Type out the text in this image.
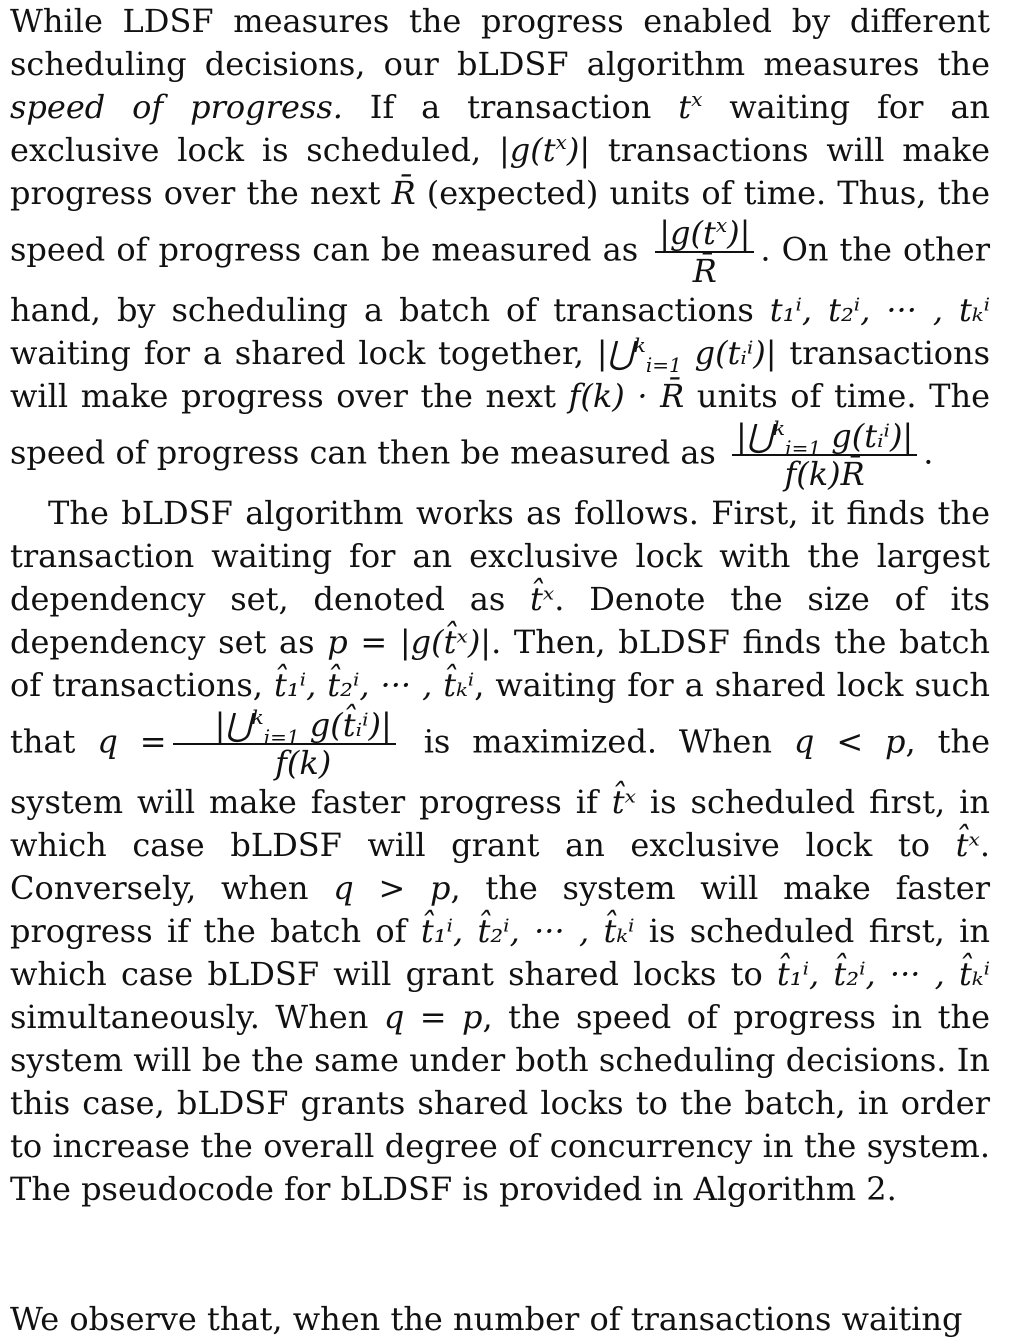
While LDSF measures the progress enabled by different scheduling decisions, our bLDSF algorithm measures the speed of progress. If a transaction $t^x$ waiting for an exclusive lock is scheduled, $|g(t^x)|$ transactions will make progress over the next R̄ (expected) units of time. Thus, the speed of progress can be measured as $\frac{|g(t^x)|}{R̄}$ . On the other hand, by scheduling a batch of transactions t₁ⁱ, t₂ⁱ, ··· , tₖⁱ waiting for a shared lock together, |⋃$^k_{i=1}$ g(tᵢⁱ)| transactions will make progress over the next f(k) · R̄ units of time. The speed of progress can then be measured as $\frac{|⋃^k_{i=1} g(tᵢ^i)|}{f(k)R̄}$ .

The bLDSF algorithm works as follows. First, it finds the transaction waiting for an exclusive lock with the largest dependency set, denoted as t̂ˣ. Denote the size of its dependency set as p = |g(t̂ˣ)|. Then, bLDSF finds the batch of transactions, t̂₁ⁱ, t̂₂ⁱ, ··· , t̂ₖⁱ, waiting for a shared lock such that $q = \frac{|⋃^k_{i=1} g(t̂ᵢ^i)|}{f(k)}$ is maximized. When q < p, the system will make faster progress if t̂ˣ is scheduled first, in which case bLDSF will grant an exclusive lock to t̂ˣ. Conversely, when q > p, the system will make faster progress if the batch of t̂₁ⁱ, t̂₂ⁱ, ··· , t̂ₖⁱ is scheduled first, in which case bLDSF will grant shared locks to t̂₁ⁱ, t̂₂ⁱ, ··· , t̂ₖⁱ simultaneously. When q = p, the speed of progress in the system will be the same under both scheduling decisions. In this case, bLDSF grants shared locks to the batch, in order to increase the overall degree of concurrency in the system. The pseudocode for bLDSF is provided in Algorithm 2.

We observe that, when the number of transactions waiting
